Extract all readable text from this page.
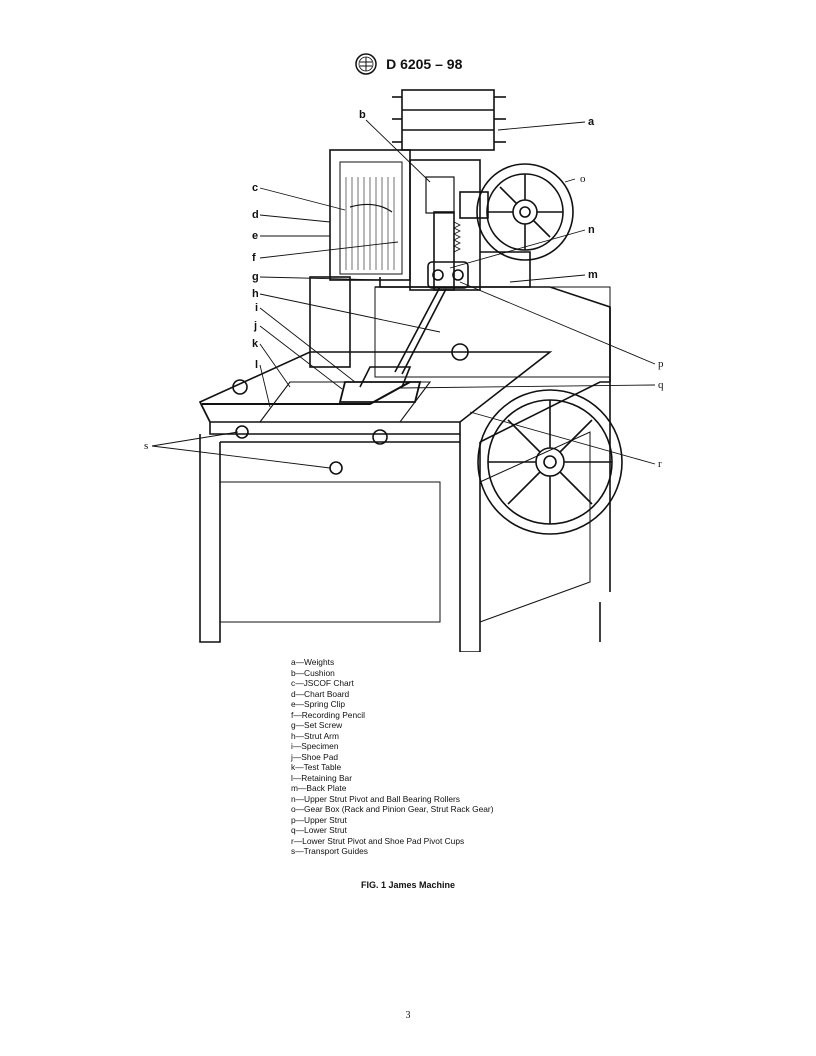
D 6205 – 98
a
b
c
d
e
f
g
h
i
j
k
l
m
n
o
p
q
r
s
a—Weights
b—Cushion
c—JSCOF Chart
d—Chart Board
e—Spring Clip
f—Recording Pencil
g—Set Screw
h—Strut Arm
i—Specimen
j—Shoe Pad
k—Test Table
l—Retaining Bar
m—Back Plate
n—Upper Strut Pivot and Ball Bearing Rollers
o—Gear Box (Rack and Pinion Gear, Strut Rack Gear)
p—Upper Strut
q—Lower Strut
r—Lower Strut Pivot and Shoe Pad Pivot Cups
s—Transport Guides
FIG. 1 James Machine
3
